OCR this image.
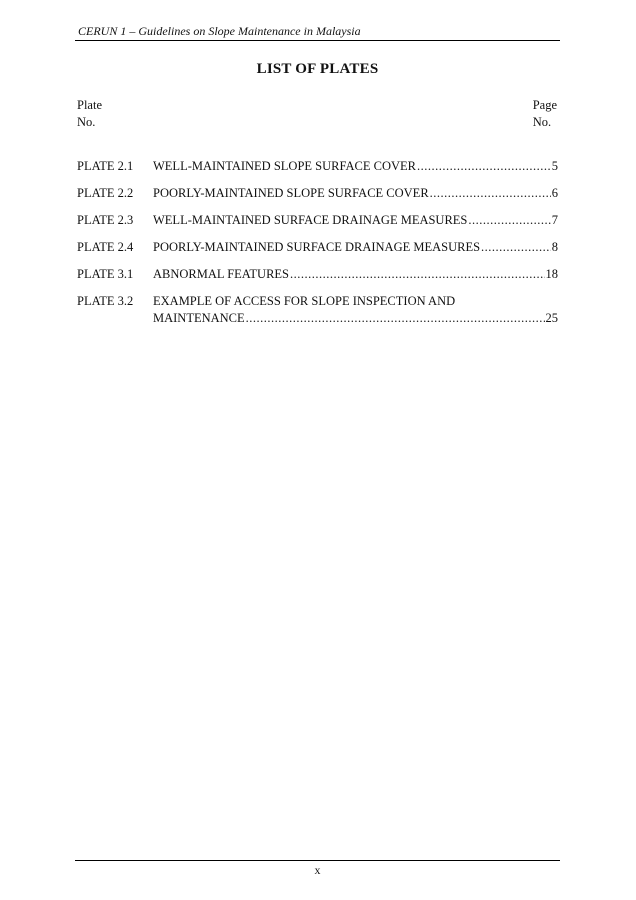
CERUN 1 – Guidelines on Slope Maintenance in Malaysia
LIST OF PLATES
Plate
No.
Page
No.
PLATE 2.1	WELL-MAINTAINED SLOPE SURFACE COVER .....	5
PLATE 2.2	POORLY-MAINTAINED SLOPE SURFACE COVER .....	6
PLATE 2.3	WELL-MAINTAINED SURFACE DRAINAGE MEASURES .....	7
PLATE 2.4	POORLY-MAINTAINED SURFACE DRAINAGE MEASURES .....	8
PLATE 3.1	ABNORMAL FEATURES .....	18
PLATE 3.2	EXAMPLE OF ACCESS FOR SLOPE INSPECTION AND
MAINTENANCE .....	25
x
